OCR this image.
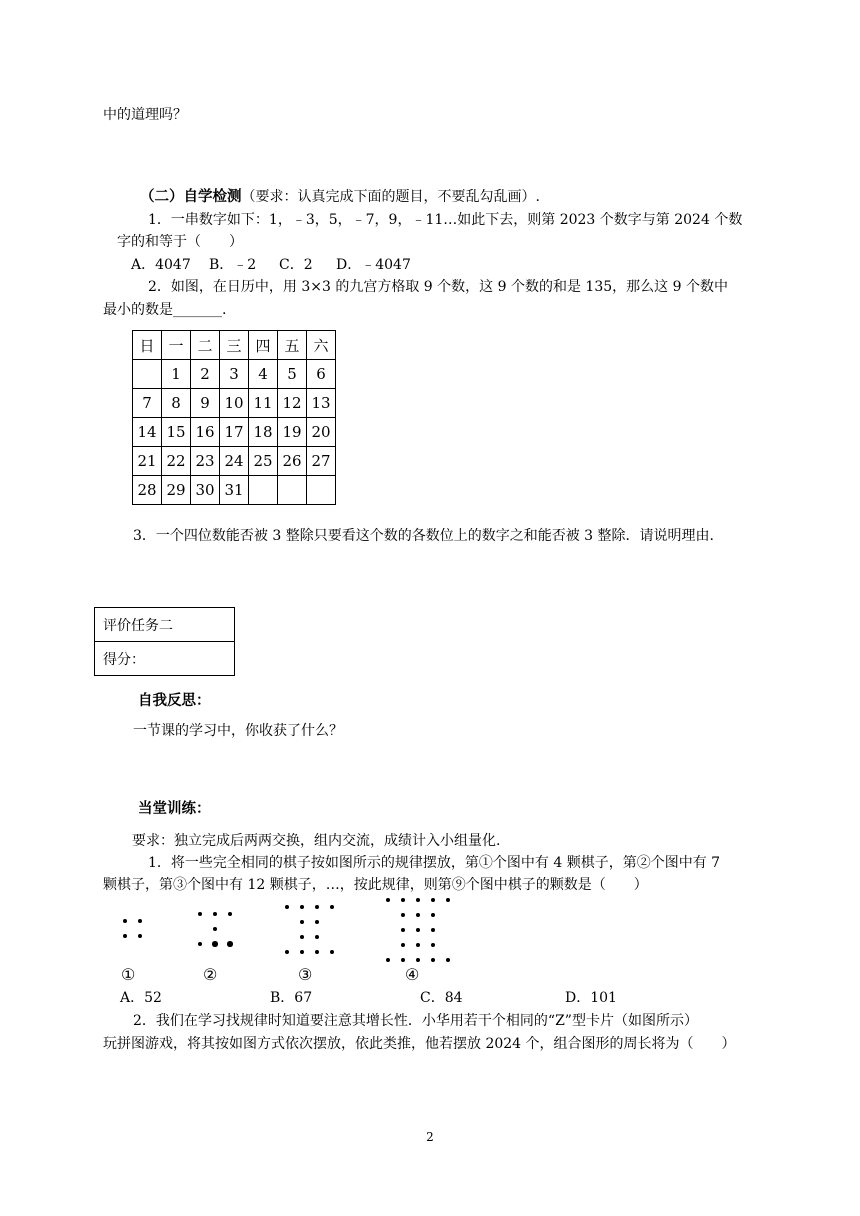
中的道理吗？
（二）自学检测（要求：认真完成下面的题目，不要乱勾乱画）.
1．一串数字如下：1，﹣3，5，﹣7，9，﹣11…如此下去，则第 2023 个数字与第 2024 个数
字的和等于（　　）
A．4047 B．﹣2 C．2 D．﹣4047
2．如图，在日历中，用 3×3 的九宫方格取 9 个数，这 9 个数的和是 135，那么这 9 个数中
最小的数是_______.
日	一	二	三	四	五	六
	1	2	3	4	5	6
7	8	9	10	11	12	13
14	15	16	17	18	19	20
21	22	23	24	25	26	27
28	29	30	31			
3．一个四位数能否被 3 整除只要看这个数的各数位上的数字之和能否被 3 整除．请说明理由.
评价任务二
得分：
自我反思：
一节课的学习中，你收获了什么？
当堂训练：
要求：独立完成后两两交换，组内交流，成绩计入小组量化.
1．将一些完全相同的棋子按如图所示的规律摆放，第①个图中有 4 颗棋子，第②个图中有 7
颗棋子，第③个图中有 12 颗棋子，…，按此规律，则第⑨个图中棋子的颗数是（　　）
①	②	③	④
A．52	B．67	C．84	D．101
2．我们在学习找规律时知道要注意其增长性．小华用若干个相同的“Z”型卡片（如图所示）
玩拼图游戏，将其按如图方式依次摆放，依此类推，他若摆放 2024 个，组合图形的周长将为（　　）
2
